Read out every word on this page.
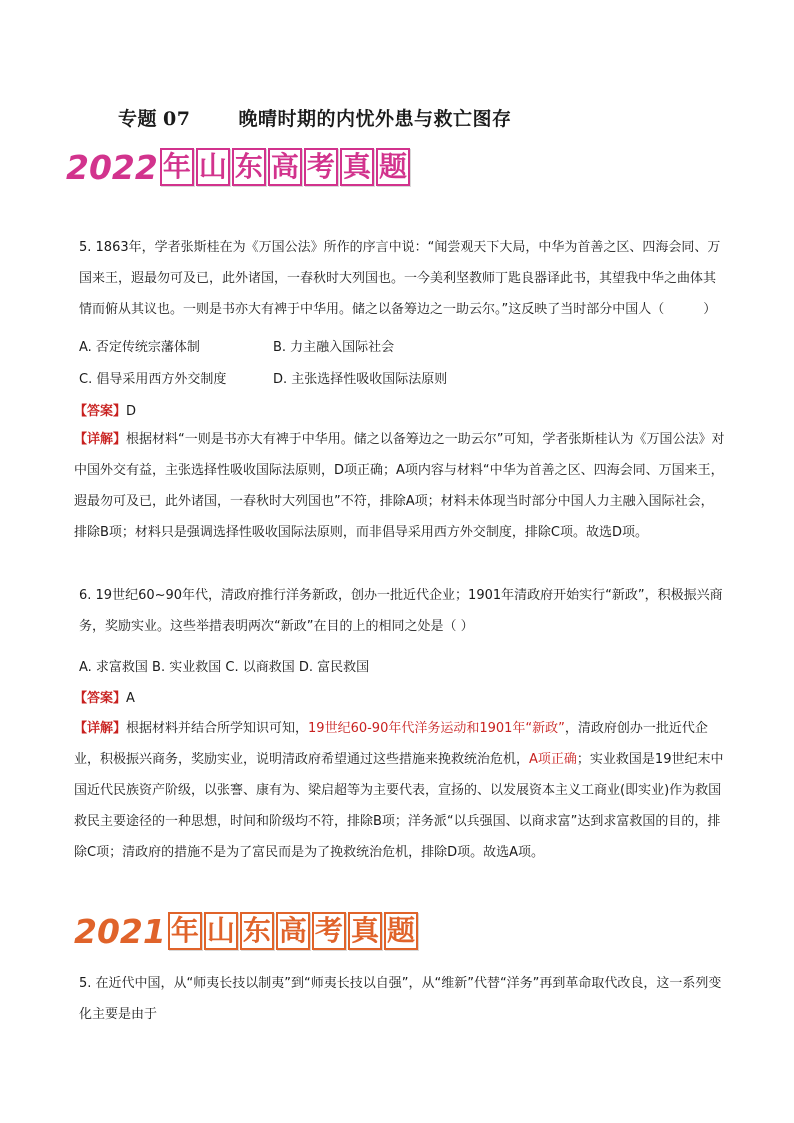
专题 07	晚晴时期的内忧外患与救亡图存
2022 年 山 东 高 考 真 题
5. 1863年，学者张斯桂在为《万国公法》所作的序言中说：“闻尝观天下大局，中华为首善之区、四海会同、万国来王，遐最勿可及已，此外诸国，一春秋时大列国也。一今美利坚教师丁匙良器译此书，其望我中华之曲体其情而俯从其议也。一则是书亦大有裨于中华用。储之以备筹边之一助云尔。”这反映了当时部分中国人（　　　）
A. 否定传统宗藩体制	B. 力主融入国际社会
C. 倡导采用西方外交制度	D. 主张选择性吸收国际法原则
【答案】D
【详解】根据材料“一则是书亦大有裨于中华用。储之以备筹边之一助云尔”可知，学者张斯桂认为《万国公法》对中国外交有益，主张选择性吸收国际法原则，D项正确；A项内容与材料“中华为首善之区、四海会同、万国来王，遐最勿可及已，此外诸国，一春秋时大列国也”不符，排除A项；材料未体现当时部分中国人力主融入国际社会，排除B项；材料只是强调选择性吸收国际法原则，而非倡导采用西方外交制度，排除C项。故选D项。
6. 19世纪60~90年代，清政府推行洋务新政，创办一批近代企业；1901年清政府开始实行“新政”，积极振兴商务，奖励实业。这些举措表明两次“新政”在目的上的相同之处是（ ）
A. 求富救国 B. 实业救国 C. 以商救国 D. 富民救国
【答案】A
【详解】根据材料并结合所学知识可知，19世纪60-90年代洋务运动和1901年“新政”，清政府创办一批近代企业，积极振兴商务，奖励实业，说明清政府希望通过这些措施来挽救统治危机，A项正确；实业救国是19世纪末中国近代民族资产阶级，以张謇、康有为、梁启超等为主要代表，宣扬的、以发展资本主义工商业(即实业)作为救国救民主要途径的一种思想，时间和阶级均不符，排除B项；洋务派“以兵强国、以商求富”达到求富救国的目的，排除C项；清政府的措施不是为了富民而是为了挽救统治危机，排除D项。故选A项。
2021 年 山 东 高 考 真 题
5. 在近代中国，从“师夷长技以制夷”到“师夷长技以自强”，从“维新”代替“洋务”再到革命取代改良，这一系列变化主要是由于
